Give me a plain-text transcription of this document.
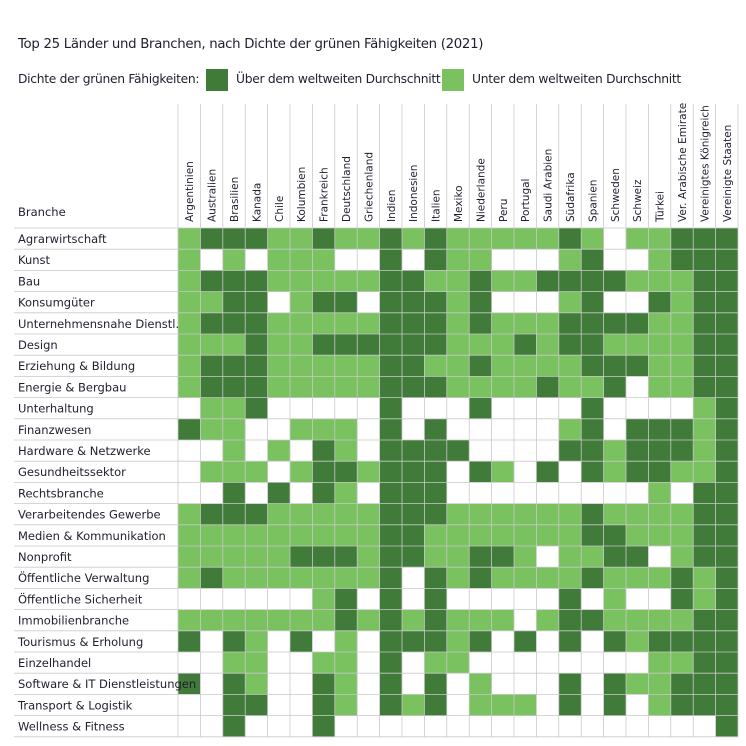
Top 25 Länder und Branchen, nach Dichte der grünen Fähigkeiten (2021)
Dichte der grünen Fähigkeiten:	Über dem weltweiten Durchschnitt	Unter dem weltweiten Durchschnitt
Branche
Agrarwirtschaft
Kunst
Bau
Konsumgüter
Unternehmensnahe Dienstl.
Design
Erziehung & Bildung
Energie & Bergbau
Unterhaltung
Finanzwesen
Hardware & Netzwerke
Gesundheitssektor
Rechtsbranche
Verarbeitendes Gewerbe
Medien & Kommunikation
Nonprofit
Öffentliche Verwaltung
Öffentliche Sicherheit
Immobilienbranche
Tourismus & Erholung
Einzelhandel
Software & IT Dienstleistungen
Transport & Logistik
Wellness & Fitness
Argentinien Australien Brasilien Kanada Chile Kolumbien Frankreich Deutschland Griechenland Indien Indonesien Italien Mexiko Niederlande Peru Portugal Saudi Arabien Südafrika Spanien Schweden Schweiz Türkei Ver. Arabische Emirate Vereinigtes Königreich Vereinigte Staaten
